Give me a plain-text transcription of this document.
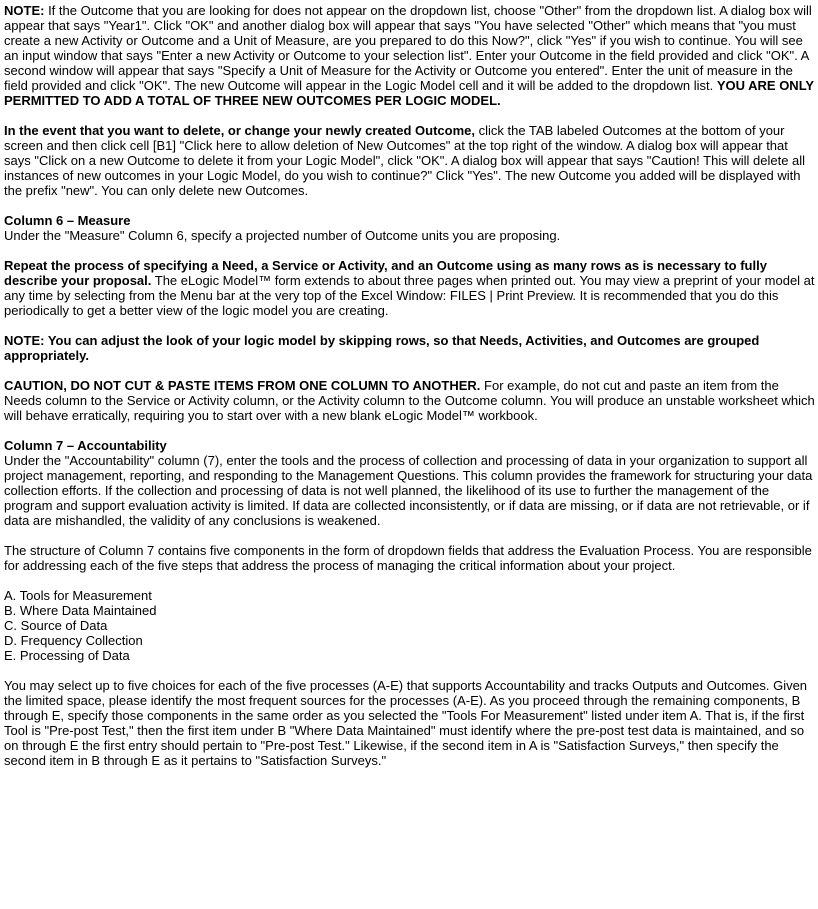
NOTE: If the Outcome that you are looking for does not appear on the dropdown list, choose "Other" from the dropdown list. A dialog box will appear that says "Year1". Click "OK" and another dialog box will appear that says "You have selected "Other" which means that "you must create a new Activity or Outcome and a Unit of Measure, are you prepared to do this Now?", click "Yes" if you wish to continue. You will see an input window that says "Enter a new Activity or Outcome to your selection list". Enter your Outcome in the field provided and click "OK". A second window will appear that says "Specify a Unit of Measure for the Activity or Outcome you entered". Enter the unit of measure in the field provided and click "OK". The new Outcome will appear in the Logic Model cell and it will be added to the dropdown list. YOU ARE ONLY PERMITTED TO ADD A TOTAL OF THREE NEW OUTCOMES PER LOGIC MODEL.

In the event that you want to delete, or change your newly created Outcome, click the TAB labeled Outcomes at the bottom of your screen and then click cell [B1] "Click here to allow deletion of New Outcomes" at the top right of the window. A dialog box will appear that says "Click on a new Outcome to delete it from your Logic Model", click "OK". A dialog box will appear that says "Caution! This will delete all instances of new outcomes in your Logic Model, do you wish to continue?" Click "Yes". The new Outcome you added will be displayed with the prefix "new". You can only delete new Outcomes.

Column 6 – Measure

Under the "Measure" Column 6, specify a projected number of Outcome units you are proposing.

Repeat the process of specifying a Need, a Service or Activity, and an Outcome using as many rows as is necessary to fully describe your proposal. The eLogic Model™ form extends to about three pages when printed out. You may view a preprint of your model at any time by selecting from the Menu bar at the very top of the Excel Window: FILES | Print Preview. It is recommended that you do this periodically to get a better view of the logic model you are creating.

NOTE: You can adjust the look of your logic model by skipping rows, so that Needs, Activities, and Outcomes are grouped appropriately.

CAUTION, DO NOT CUT & PASTE ITEMS FROM ONE COLUMN TO ANOTHER. For example, do not cut and paste an item from the Needs column to the Service or Activity column, or the Activity column to the Outcome column. You will produce an unstable worksheet which will behave erratically, requiring you to start over with a new blank eLogic Model™ workbook.

Column 7 – Accountability

Under the "Accountability" column (7), enter the tools and the process of collection and processing of data in your organization to support all project management, reporting, and responding to the Management Questions. This column provides the framework for structuring your data collection efforts. If the collection and processing of data is not well planned, the likelihood of its use to further the management of the program and support evaluation activity is limited. If data are collected inconsistently, or if data are missing, or if data are not retrievable, or if data are mishandled, the validity of any conclusions is weakened.

The structure of Column 7 contains five components in the form of dropdown fields that address the Evaluation Process. You are responsible for addressing each of the five steps that address the process of managing the critical information about your project.

A. Tools for Measurement

B. Where Data Maintained

C. Source of Data

D. Frequency Collection

E. Processing of Data

You may select up to five choices for each of the five processes (A-E) that supports Accountability and tracks Outputs and Outcomes. Given the limited space, please identify the most frequent sources for the processes (A-E). As you proceed through the remaining components, B through E, specify those components in the same order as you selected the "Tools For Measurement" listed under item A. That is, if the first Tool is "Pre-post Test," then the first item under B "Where Data Maintained" must identify where the pre-post test data is maintained, and so on through E the first entry should pertain to "Pre-post Test." Likewise, if the second item in A is "Satisfaction Surveys," then specify the second item in B through E as it pertains to "Satisfaction Surveys."
